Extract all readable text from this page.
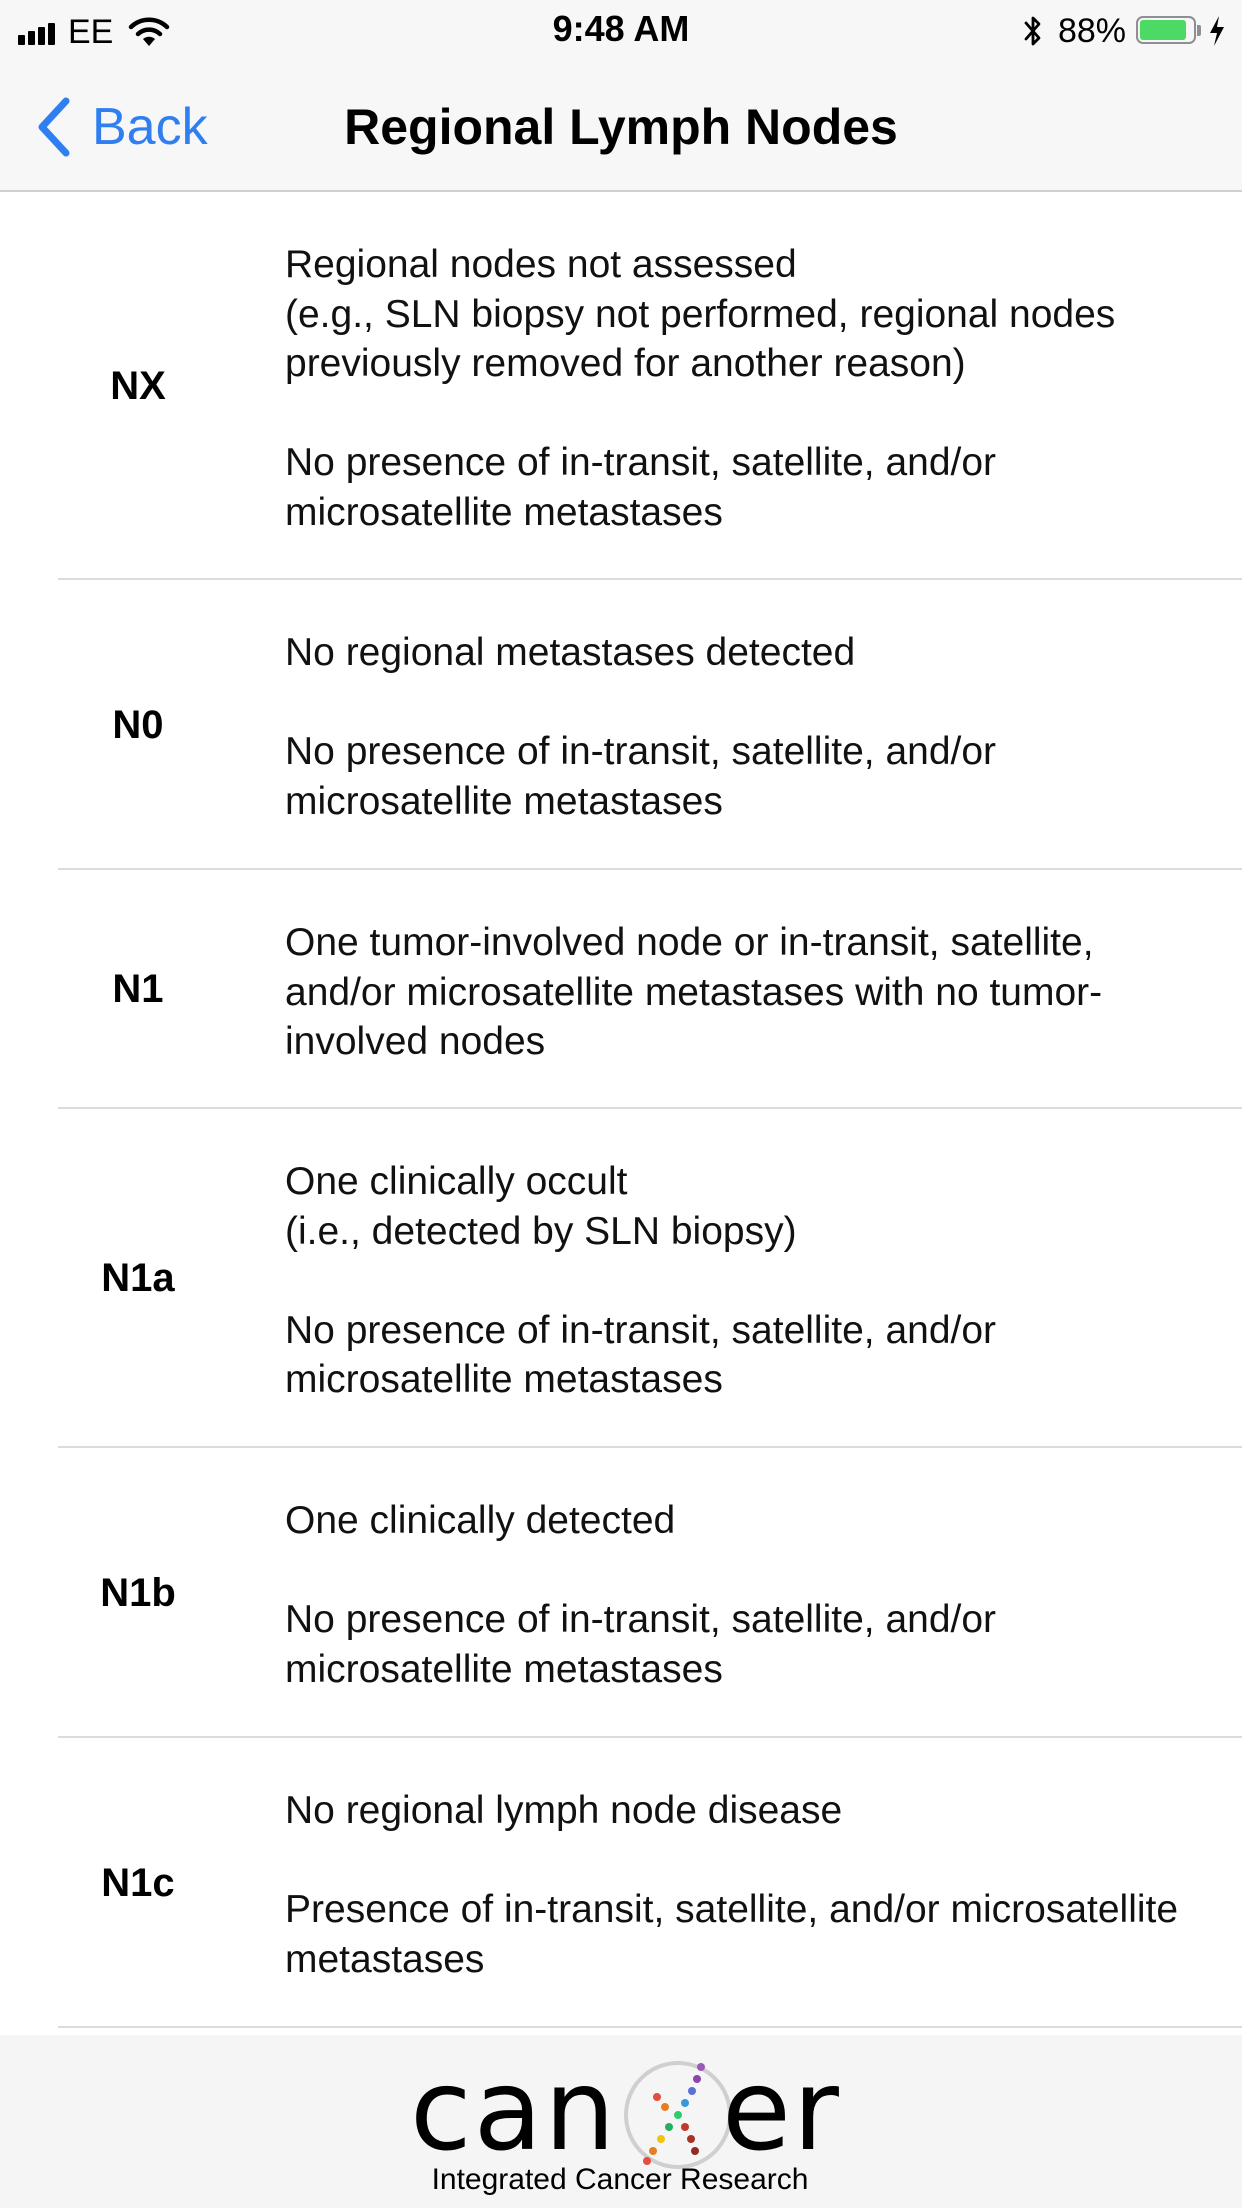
EE	9:48 AM	88%
Back	Regional Lymph Nodes
NX

Regional nodes not assessed

(e.g., SLN biopsy not performed, regional nodes previously removed for another reason)

No presence of in-transit, satellite, and/or microsatellite metastases

N0

No regional metastases detected

No presence of in-transit, satellite, and/or microsatellite metastases

N1

One tumor-involved node or in-transit, satellite, and/or microsatellite metastases with no tumor-involved nodes

N1a

One clinically occult

(i.e., detected by SLN biopsy)

No presence of in-transit, satellite, and/or microsatellite metastases

N1b

One clinically detected

No presence of in-transit, satellite, and/or microsatellite metastases

N1c

No regional lymph node disease

Presence of in-transit, satellite, and/or microsatellite metastases

can er
Integrated Cancer Research
